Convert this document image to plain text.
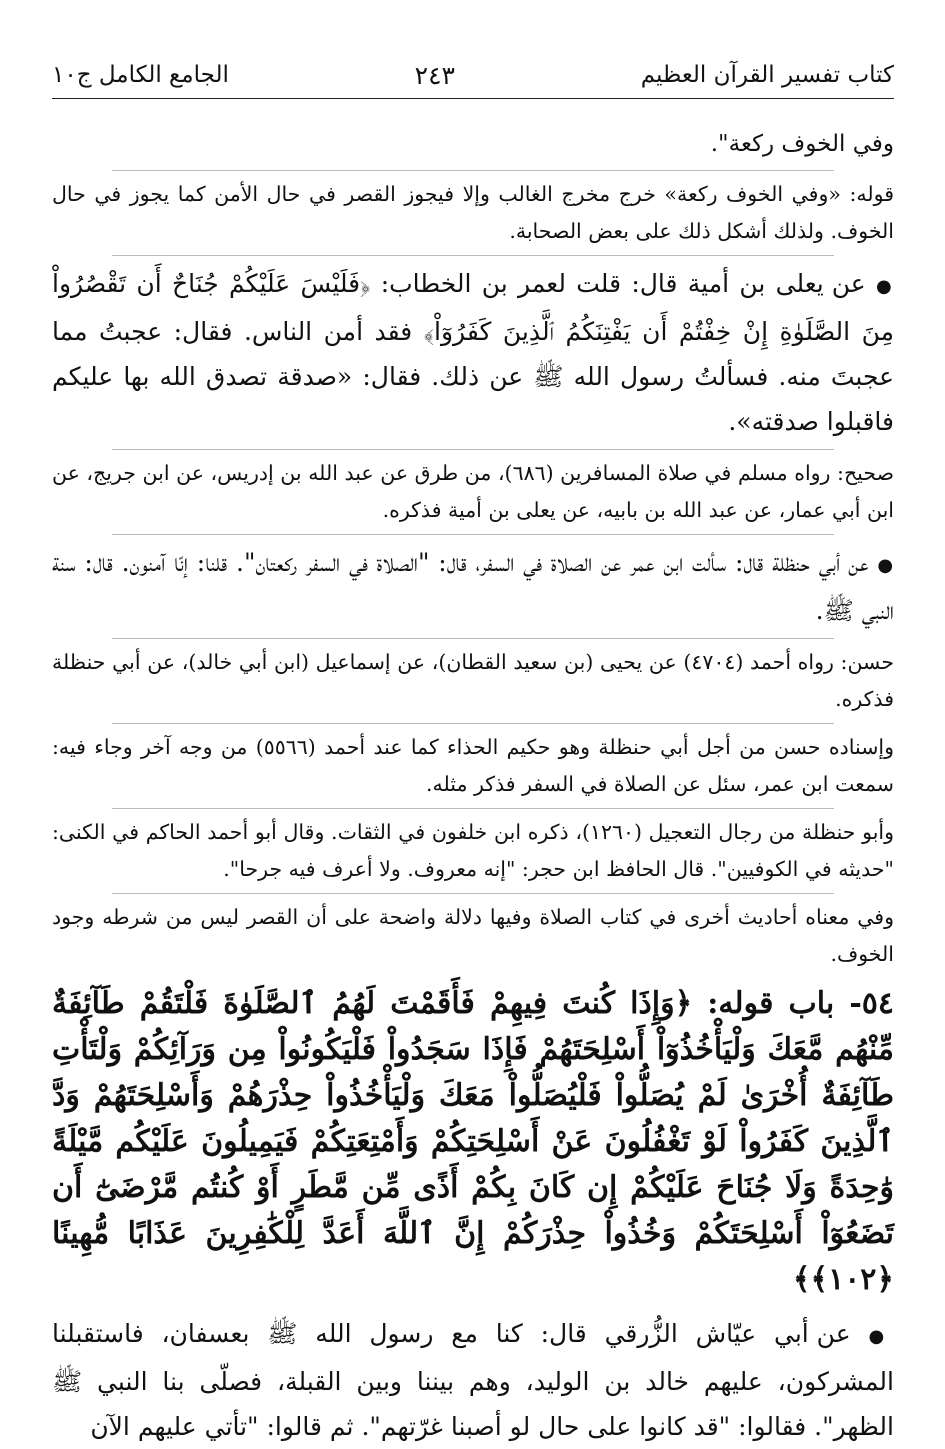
كتاب تفسير القرآن العظيم
٢٤٣
الجامع الكامل ج١٠

وفي الخوف ركعة".

قوله: «وفي الخوف ركعة» خرج مخرج الغالب وإلا فيجوز القصر في حال الأمن كما يجوز في حال الخوف. ولذلك أشكل ذلك على بعض الصحابة.

● عن يعلى بن أمية قال: قلت لعمر بن الخطاب: ﴿فَلَيْسَ عَلَيْكُمْ جُنَاحٌ أَن تَقْصُرُواْ مِنَ الصَّلَوٰةِ إِنْ خِفْتُمْ أَن يَفْتِنَكُمُ ٱلَّذِينَ كَفَرُوٓاْ﴾ فقد أمن الناس. فقال: عجبتُ مما عجبتَ منه. فسألتُ رسول الله ﷺ عن ذلك. فقال: «صدقة تصدق الله بها عليكم فاقبلوا صدقته».

صحيح: رواه مسلم في صلاة المسافرين (٦٨٦)، من طرق عن عبد الله بن إدريس، عن ابن جريج، عن ابن أبي عمار، عن عبد الله بن بابيه، عن يعلى بن أمية فذكره.

● عن أبي حنظلة قال: سألت ابن عمر عن الصلاة في السفر، قال: "الصلاة في السفر ركعتان". قلنا: إنّا آمنون. قال: سنة النبي ﷺ.

حسن: رواه أحمد (٤٧٠٤) عن يحيى (بن سعيد القطان)، عن إسماعيل (ابن أبي خالد)، عن أبي حنظلة فذكره.

وإسناده حسن من أجل أبي حنظلة وهو حكيم الحذاء كما عند أحمد (٥٥٦٦) من وجه آخر وجاء فيه: سمعت ابن عمر، سئل عن الصلاة في السفر فذكر مثله.

وأبو حنظلة من رجال التعجيل (١٢٦٠)، ذكره ابن خلفون في الثقات. وقال أبو أحمد الحاكم في الكنى: "حديثه في الكوفيين". قال الحافظ ابن حجر: "إنه معروف. ولا أعرف فيه جرحا".

وفي معناه أحاديث أخرى في كتاب الصلاة وفيها دلالة واضحة على أن القصر ليس من شرطه وجود الخوف.

٥٤- باب قوله: ﴿وَإِذَا كُنتَ فِيهِمْ فَأَقَمْتَ لَهُمُ ٱلصَّلَوٰةَ فَلْتَقُمْ طَآئِفَةٌ مِّنْهُم مَّعَكَ وَلْيَأْخُذُوٓاْ أَسْلِحَتَهُمْ فَإِذَا سَجَدُواْ فَلْيَكُونُواْ مِن وَرَآئِكُمْ وَلْتَأْتِ طَآئِفَةٌ أُخْرَىٰ لَمْ يُصَلُّواْ فَلْيُصَلُّواْ مَعَكَ وَلْيَأْخُذُواْ حِذْرَهُمْ وَأَسْلِحَتَهُمْ وَدَّ ٱلَّذِينَ كَفَرُواْ لَوْ تَغْفُلُونَ عَنْ أَسْلِحَتِكُمْ وَأَمْتِعَتِكُمْ فَيَمِيلُونَ عَلَيْكُم مَّيْلَةً وَٰحِدَةً وَلَا جُنَاحَ عَلَيْكُمْ إِن كَانَ بِكُمْ أَذًى مِّن مَّطَرٍ أَوْ كُنتُم مَّرْضَىٰٓ أَن تَضَعُوٓاْ أَسْلِحَتَكُمْ وَخُذُواْ حِذْرَكُمْ إِنَّ ٱللَّهَ أَعَدَّ لِلْكَٰفِرِينَ عَذَابًا مُّهِينًا ﴿١٠٢﴾﴾

● عن أبي عيّاش الزُّرقي قال: كنا مع رسول الله ﷺ بعسفان، فاستقبلنا المشركون، عليهم خالد بن الوليد، وهم بيننا وبين القبلة، فصلّى بنا النبي ﷺ الظهر". فقالوا: "قد كانوا على حال لو أصبنا غرّتهم". ثم قالوا: "تأتي عليهم الآن
